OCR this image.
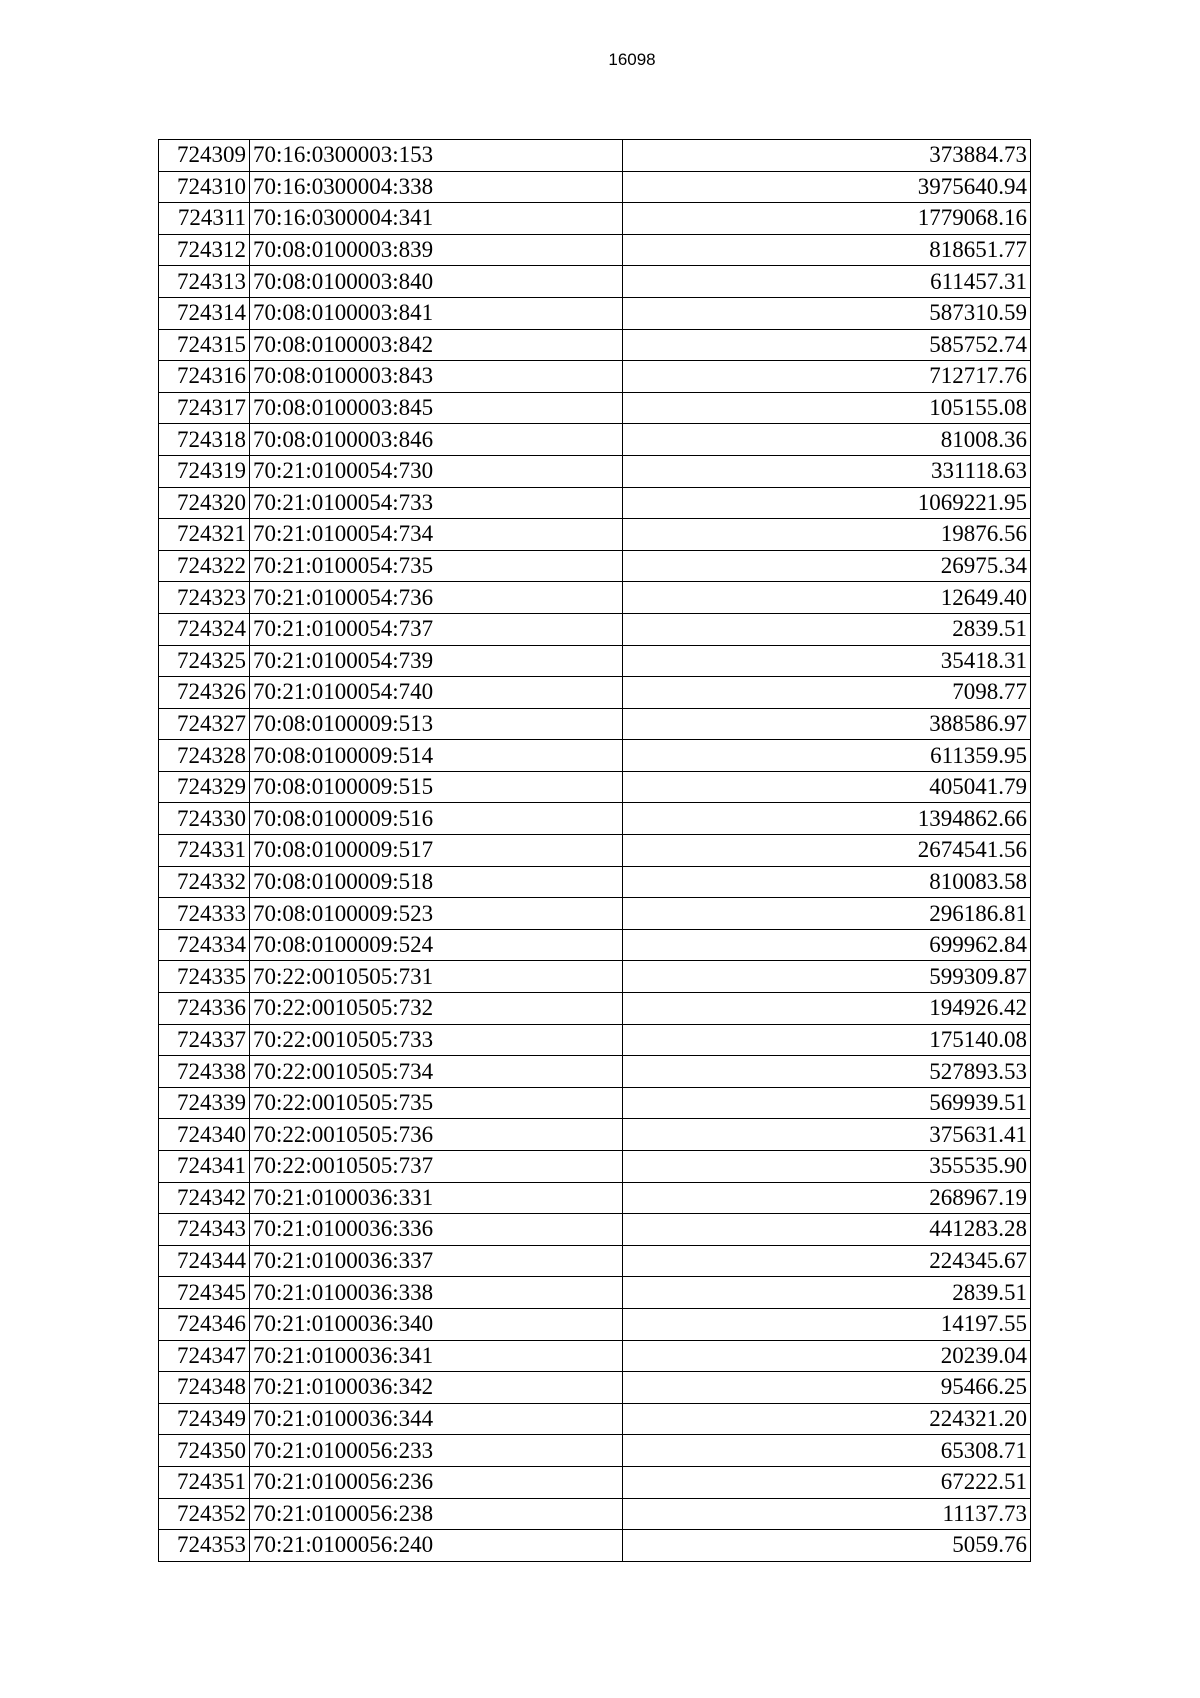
16098
724309	70:16:0300003:153	373884.73
724310	70:16:0300004:338	3975640.94
724311	70:16:0300004:341	1779068.16
724312	70:08:0100003:839	818651.77
724313	70:08:0100003:840	611457.31
724314	70:08:0100003:841	587310.59
724315	70:08:0100003:842	585752.74
724316	70:08:0100003:843	712717.76
724317	70:08:0100003:845	105155.08
724318	70:08:0100003:846	81008.36
724319	70:21:0100054:730	331118.63
724320	70:21:0100054:733	1069221.95
724321	70:21:0100054:734	19876.56
724322	70:21:0100054:735	26975.34
724323	70:21:0100054:736	12649.40
724324	70:21:0100054:737	2839.51
724325	70:21:0100054:739	35418.31
724326	70:21:0100054:740	7098.77
724327	70:08:0100009:513	388586.97
724328	70:08:0100009:514	611359.95
724329	70:08:0100009:515	405041.79
724330	70:08:0100009:516	1394862.66
724331	70:08:0100009:517	2674541.56
724332	70:08:0100009:518	810083.58
724333	70:08:0100009:523	296186.81
724334	70:08:0100009:524	699962.84
724335	70:22:0010505:731	599309.87
724336	70:22:0010505:732	194926.42
724337	70:22:0010505:733	175140.08
724338	70:22:0010505:734	527893.53
724339	70:22:0010505:735	569939.51
724340	70:22:0010505:736	375631.41
724341	70:22:0010505:737	355535.90
724342	70:21:0100036:331	268967.19
724343	70:21:0100036:336	441283.28
724344	70:21:0100036:337	224345.67
724345	70:21:0100036:338	2839.51
724346	70:21:0100036:340	14197.55
724347	70:21:0100036:341	20239.04
724348	70:21:0100036:342	95466.25
724349	70:21:0100036:344	224321.20
724350	70:21:0100056:233	65308.71
724351	70:21:0100056:236	67222.51
724352	70:21:0100056:238	11137.73
724353	70:21:0100056:240	5059.76
